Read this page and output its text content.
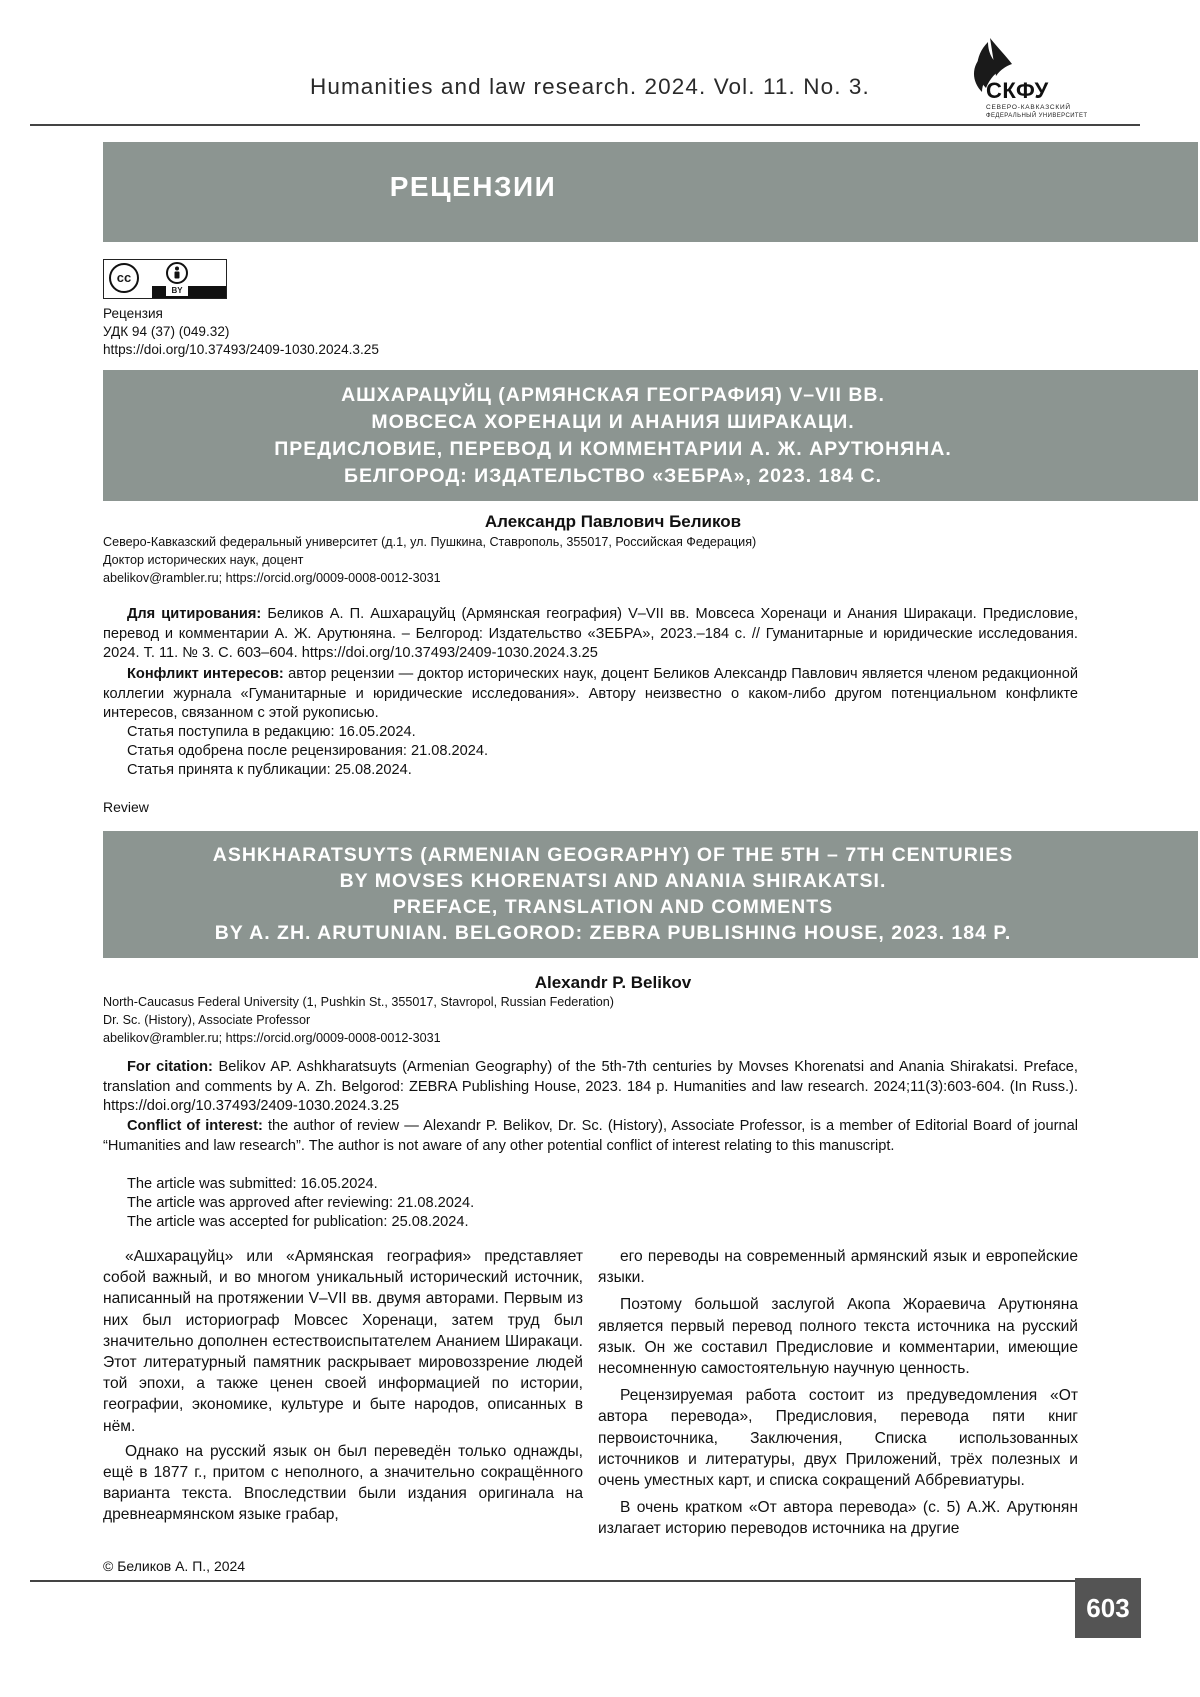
Humanities and law research. 2024. Vol. 11. No. 3.	СКФУ
СЕВЕРО-КАВКАЗСКИЙ
ФЕДЕРАЛЬНЫЙ УНИВЕРСИТЕТ
РЕЦЕНЗИИ
cc
BY
Рецензия
УДК 94 (37) (049.32)
https://doi.org/10.37493/2409-1030.2024.3.25
АШХАРАЦУЙЦ (АРМЯНСКАЯ ГЕОГРАФИЯ) V–VII ВВ.
МОВСЕСА ХОРЕНАЦИ И АНАНИЯ ШИРАКАЦИ.
ПРЕДИСЛОВИЕ, ПЕРЕВОД И КОММЕНТАРИИ А. Ж. АРУТЮНЯНА.
БЕЛГОРОД: ИЗДАТЕЛЬСТВО «ЗЕБРА», 2023. 184 С.
Александр Павлович Беликов
Северо-Кавказский федеральный университет (д.1, ул. Пушкина, Ставрополь, 355017, Российская Федерация)
Доктор исторических наук, доцент
abelikov@rambler.ru; https://orcid.org/0009-0008-0012-3031
Для цитирования: Беликов А. П. Ашхарацуйц (Армянская география) V–VII вв. Мовсеса Хоренаци и Анания Ширакаци. Предисловие, перевод и комментарии А. Ж. Арутюняна. – Белгород: Издательство «ЗЕБРА», 2023.–184 с. // Гуманитарные и юридические исследования. 2024. Т. 11. № 3. С. 603–604. https://doi.org/10.37493/2409-1030.2024.3.25
Конфликт интересов: автор рецензии — доктор исторических наук, доцент Беликов Александр Павлович является членом редакционной коллегии журнала «Гуманитарные и юридические исследования». Автору неизвестно о каком-либо другом потенциальном конфликте интересов, связанном с этой рукописью.
Статья поступила в редакцию: 16.05.2024.
Статья одобрена после рецензирования: 21.08.2024.
Статья принята к публикации: 25.08.2024.
Review
ASHKHARATSUYTS (ARMENIAN GEOGRAPHY) OF THE 5TH – 7TH CENTURIES
BY MOVSES KHORENATSI AND ANANIA SHIRAKATSI.
PREFACE, TRANSLATION AND COMMENTS
BY A. ZH. ARUTUNIAN. BELGOROD: ZEBRA PUBLISHING HOUSE, 2023. 184 P.
Alexandr P. Belikov
North-Caucasus Federal University (1, Pushkin St., 355017, Stavropol, Russian Federation)
Dr. Sc. (History), Associate Professor
abelikov@rambler.ru; https://orcid.org/0009-0008-0012-3031
For citation: Belikov AP. Ashkharatsuyts (Armenian Geography) of the 5th-7th centuries by Movses Khorenatsi and Anania Shirakatsi. Preface, translation and comments by A. Zh. Belgorod: ZEBRA Publishing House, 2023. 184 p. Humanities and law research. 2024;11(3):603-604. (In Russ.). https://doi.org/10.37493/2409-1030.2024.3.25
Conflict of interest: the author of review — Alexandr P. Belikov, Dr. Sc. (History), Associate Professor, is a member of Editorial Board of journal “Humanities and law research”. The author is not aware of any other potential conflict of interest relating to this manuscript.
The article was submitted: 16.05.2024.
The article was approved after reviewing: 21.08.2024.
The article was accepted for publication: 25.08.2024.

«Ашхарацуйц» или «Армянская география» представляет собой важный, и во многом уникальный исторический источник, написанный на протяжении V–VII вв. двумя авторами. Первым из них был историограф Мовсес Хоренаци, затем труд был значительно дополнен естествоиспытателем Ананием Ширакаци. Этот литературный памятник раскрывает мировоззрение людей той эпохи, а также ценен своей информацией по истории, географии, экономике, культуре и быте народов, описанных в нём.

Однако на русский язык он был переведён только однажды, ещё в 1877 г., притом с неполного, а значительно сокращённого варианта текста. Впоследствии были издания оригинала на древнеармянском языке грабар,

его переводы на современный армянский язык и европейские языки.

Поэтому большой заслугой Акопа Жораевича Арутюняна является первый перевод полного текста источника на русский язык. Он же составил Предисловие и комментарии, имеющие несомненную самостоятельную научную ценность.

Рецензируемая работа состоит из предуведомления «От автора перевода», Предисловия, перевода пяти книг первоисточника, Заключения, Списка использованных источников и литературы, двух Приложений, трёх полезных и очень уместных карт, и списка сокращений Аббревиатуры.

В очень кратком «От автора перевода» (с. 5) А.Ж. Арутюнян излагает историю переводов источника на другие

© Беликов А. П., 2024
603
